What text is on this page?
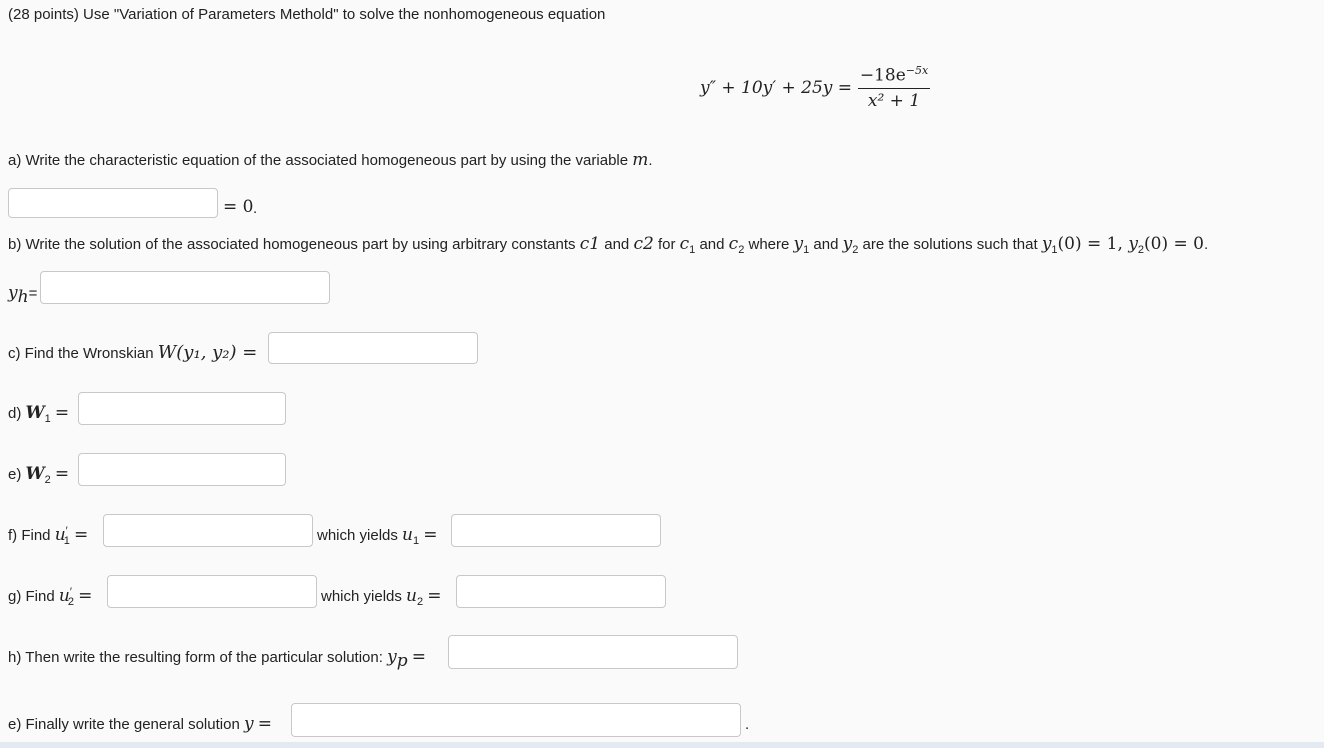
(28 points) Use "Variation of Parameters Methold" to solve the nonhomogeneous equation
y″ + 10y′ + 25y =
$-18e^{-5x}$
x² + 1
a) Write the characteristic equation of the associated homogeneous part by using the variable m.
= 0 .
b) Write the solution of the associated homogeneous part by using arbitrary constants c1 and c2 for $c_1$ and $c_2$ where $y_1$ and $y_2$ are the solutions such that $y_1(0) = 1$, $y_2(0) = 0$.
$y_h=$
c) Find the Wronskian W(y₁, y₂) =
d) $W_1$ =
e) $W_2$ =
f) Find $u'_1$ =	which yields $u_1$ =
g) Find $u'_2$ =	which yields $u_2$ =
h) Then write the resulting form of the particular solution: $y_p$ =
e) Finally write the general solution y =	.
